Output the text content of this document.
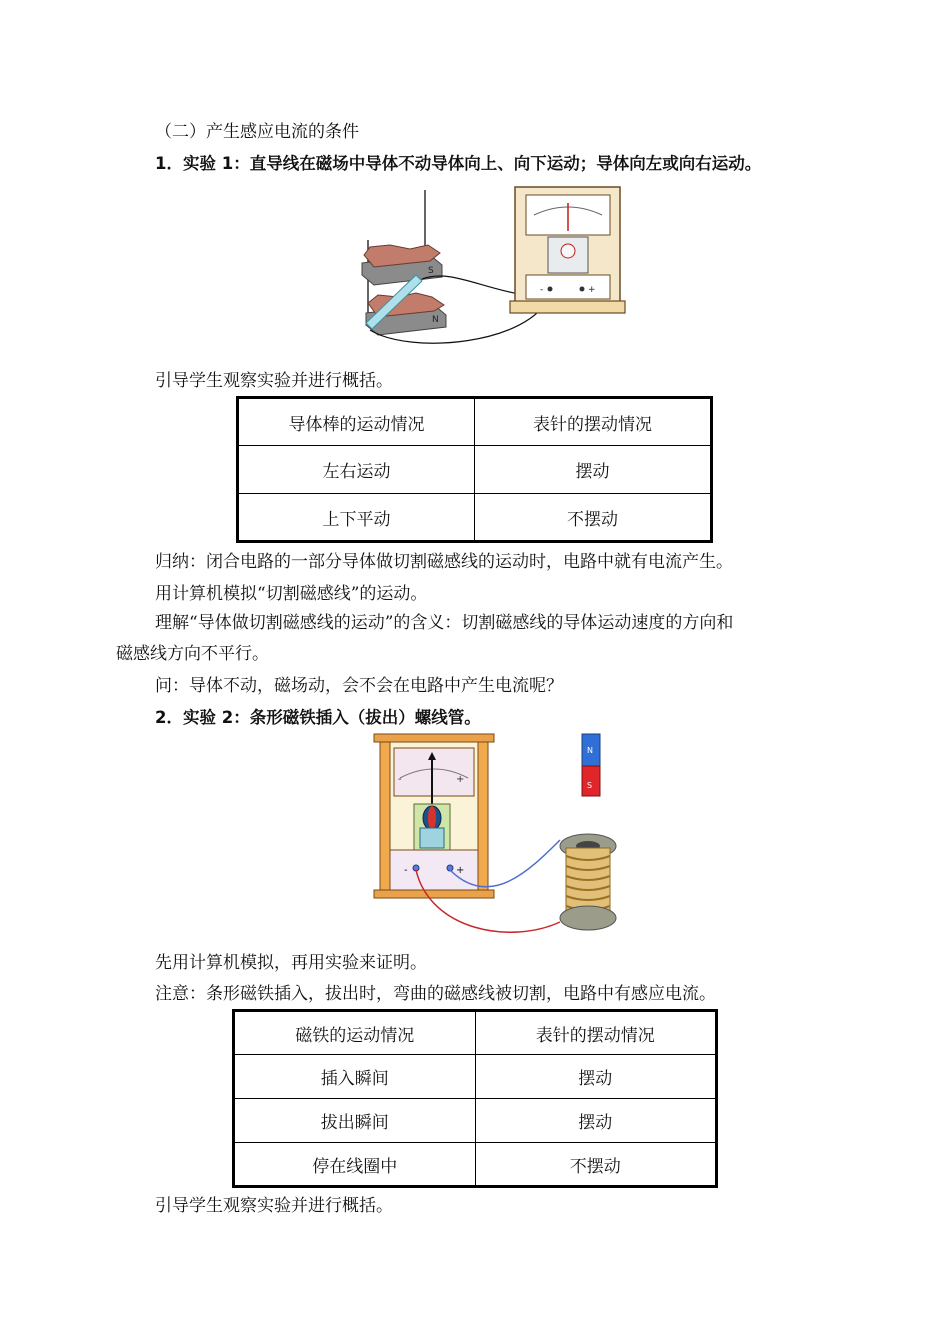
（二）产生感应电流的条件
1．实验 1：直导线在磁场中导体不动导体向上、向下运动；导体向左或向右运动。
S
N
-	+
引导学生观察实验并进行概括。
导体棒的运动情况	表针的摆动情况
左右运动	摆动
上下平动	不摆动
归纳：闭合电路的一部分导体做切割磁感线的运动时，电路中就有电流产生。
用计算机模拟“切割磁感线”的运动。
理解“导体做切割磁感线的运动”的含义：切割磁感线的导体运动速度的方向和
磁感线方向不平行。
问：导体不动，磁场动，会不会在电路中产生电流呢？
2．实验 2：条形磁铁插入（拔出）螺线管。
-	+
-	+
N
S
先用计算机模拟，再用实验来证明。
注意：条形磁铁插入，拔出时，弯曲的磁感线被切割，电路中有感应电流。
磁铁的运动情况	表针的摆动情况
插入瞬间	摆动
拔出瞬间	摆动
停在线圈中	不摆动
引导学生观察实验并进行概括。
